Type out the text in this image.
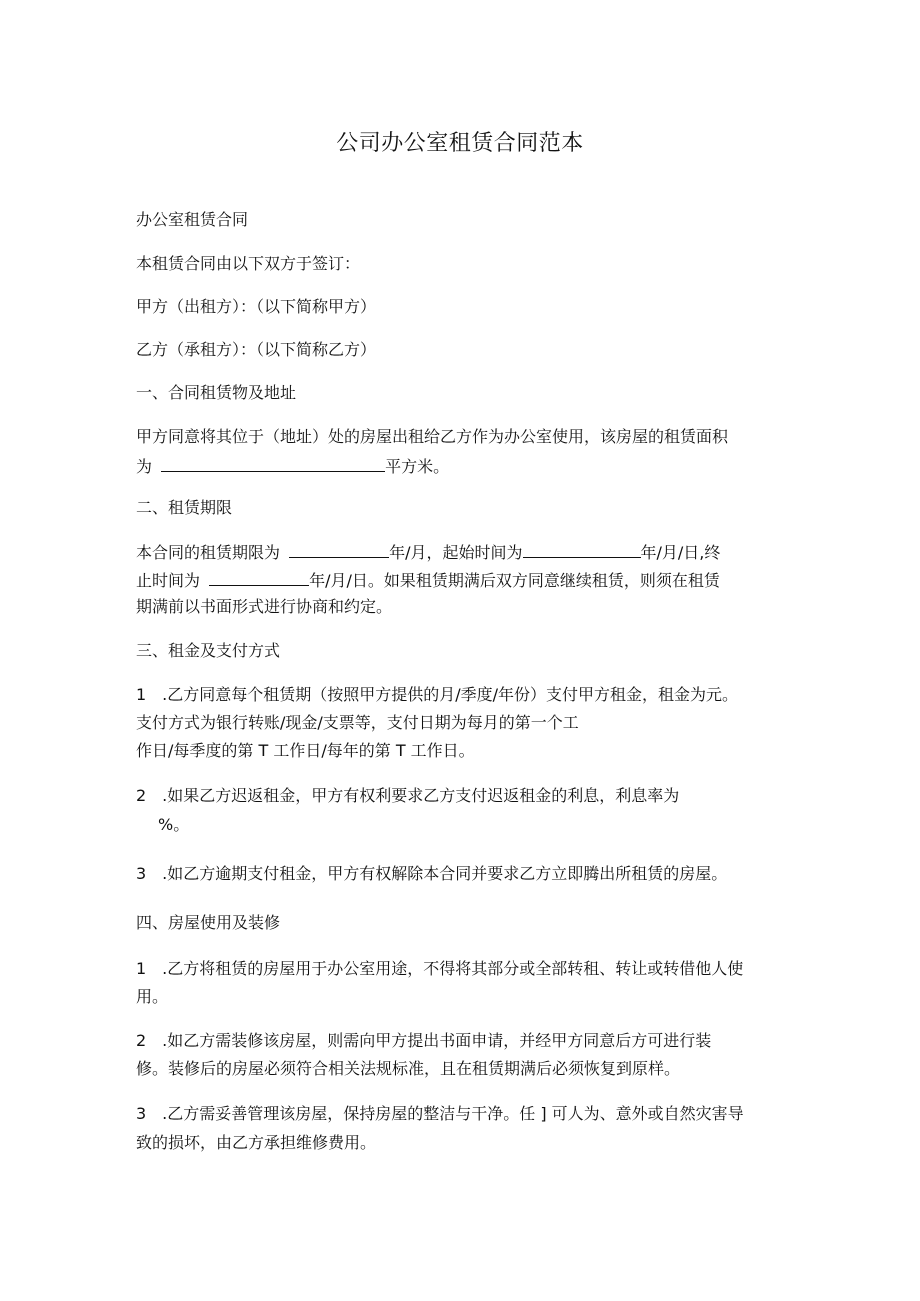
公司办公室租赁合同范本
办公室租赁合同
本租赁合同由以下双方于签订：
甲方（出租方）：（以下简称甲方）
乙方（承租方）：（以下简称乙方）
一、合同租赁物及地址
甲方同意将其位于（地址）处的房屋出租给乙方作为办公室使用，该房屋的租赁面积
为	平方米。
二、租赁期限
本合同的租赁期限为	年/月，起始时间为	年/月/日,终
止时间为	年/月/日。如果租赁期满后双方同意继续租赁，则须在租赁
期满前以书面形式进行协商和约定。
三、租金及支付方式
1　.乙方同意每个租赁期（按照甲方提供的月/季度/年份）支付甲方租金，租金为元。
支付方式为银行转账/现金/支票等，支付日期为每月的第一个工
作日/每季度的第 T 工作日/每年的第 T 工作日。
2　.如果乙方迟返租金，甲方有权利要求乙方支付迟返租金的利息，利息率为
%。
3　.如乙方逾期支付租金，甲方有权解除本合同并要求乙方立即腾出所租赁的房屋。
四、房屋使用及装修
1　.乙方将租赁的房屋用于办公室用途，不得将其部分或全部转租、转让或转借他人使
用。
2　.如乙方需装修该房屋，则需向甲方提出书面申请，并经甲方同意后方可进行装
修。装修后的房屋必须符合相关法规标准，且在租赁期满后必须恢复到原样。
3　.乙方需妥善管理该房屋，保持房屋的整洁与干净。任 ] 可人为、意外或自然灾害导
致的损坏，由乙方承担维修费用。
